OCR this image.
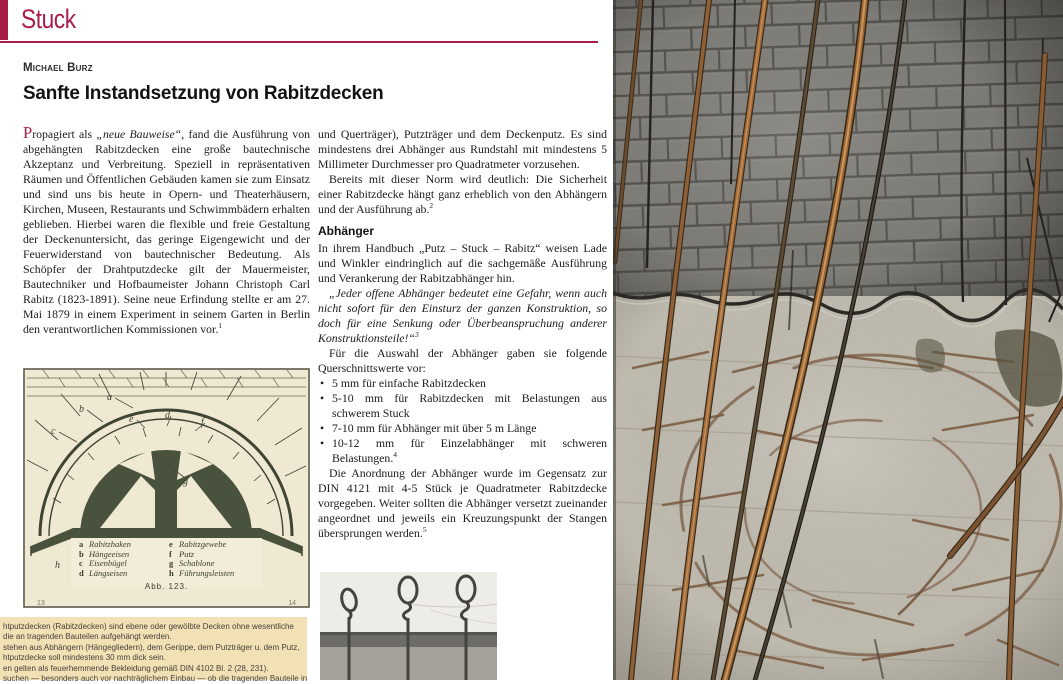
Stuck
Michael Burz
Sanfte Instandsetzung von Rabitzdecken

Propagiert als „neue Bauweise“, fand die Ausführung von abgehängten Rabitzdecken eine große bautechnische Akzeptanz und Verbreitung. Speziell in repräsentativen Räumen und Öffentlichen Gebäuden kamen sie zum Einsatz und sind uns bis heute in Opern- und Theaterhäusern, Kirchen, Museen, Restaurants und Schwimmbädern erhalten geblieben. Hierbei waren die flexible und freie Gestaltung der Deckenuntersicht, das geringe Eigengewicht und der Feuerwiderstand von bautechnischer Bedeutung. Als Schöpfer der Drahtputzdecke gilt der Mauermeister, Bautechniker und Hofbaumeister Johann Christoph Carl Rabitz (1823-1891). Seine neue Erfindung stellte er am 27. Mai 1879 in einem Experiment in seinem Garten in Berlin den verantwortlichen Kommissionen vor.$^1$

a
b
c
d
e	f
g
h
a Rabitzhaken
b Hängeeisen
c Eisenbügel
d Längseisen
e Rabitzgewebe
f Putz
g Schablone
h Führungsleisten
Abb. 123.
13	14
htputzdecken (Rabitzdecken) sind ebene oder gewölbte Decken ohne wesentliche
die an tragenden Bauteilen aufgehängt werden.
stehen aus Abhängern (Hängegliedern), dem Gerippe, dem Putzträger u. dem Putz,
htputzdecke soll mindestens 30 mm dick sein.
en gelten als feuerhemmende Bekleidung gemäß DIN 4102 Bl. 2 (28, 231).
suchen — besonders auch vor nachträglichem Einbau — ob die tragenden Bauteile in

und Querträger), Putzträger und dem Deckenputz. Es sind mindestens drei Abhänger aus Rundstahl mit mindestens 5 Millimeter Durchmesser pro Quadratmeter vorzusehen.

Bereits mit dieser Norm wird deutlich: Die Sicherheit einer Rabitzdecke hängt ganz erheblich von den Abhängern und der Ausführung ab.$^2$

Abhänger

In ihrem Handbuch „Putz – Stuck – Rabitz“ weisen Lade und Winkler eindringlich auf die sachgemäße Ausführung und Verankerung der Rabitzabhänger hin.

„Jeder offene Abhänger bedeutet eine Gefahr, wenn auch nicht sofort für den Einsturz der ganzen Konstruktion, so doch für eine Senkung oder Überbeanspruchung anderer Konstruktionsteile!“$^3$

Für die Auswahl der Abhänger gaben sie folgende Querschnittswerte vor:

• 5 mm für einfache Rabitzdecken
• 5-10 mm für Rabitzdecken mit Belastungen aus schwerem Stuck
• 7-10 mm für Abhänger mit über 5 m Länge
• 10-12 mm für Einzelabhänger mit schweren Belastungen.$^4$

Die Anordnung der Abhänger wurde im Gegensatz zur DIN 4121 mit 4-5 Stück je Quadratmeter Rabitzdecke vorgegeben. Weiter sollten die Abhänger versetzt zueinander angeordnet und jeweils ein Kreuzungspunkt der Stangen übersprungen werden.$^5$
